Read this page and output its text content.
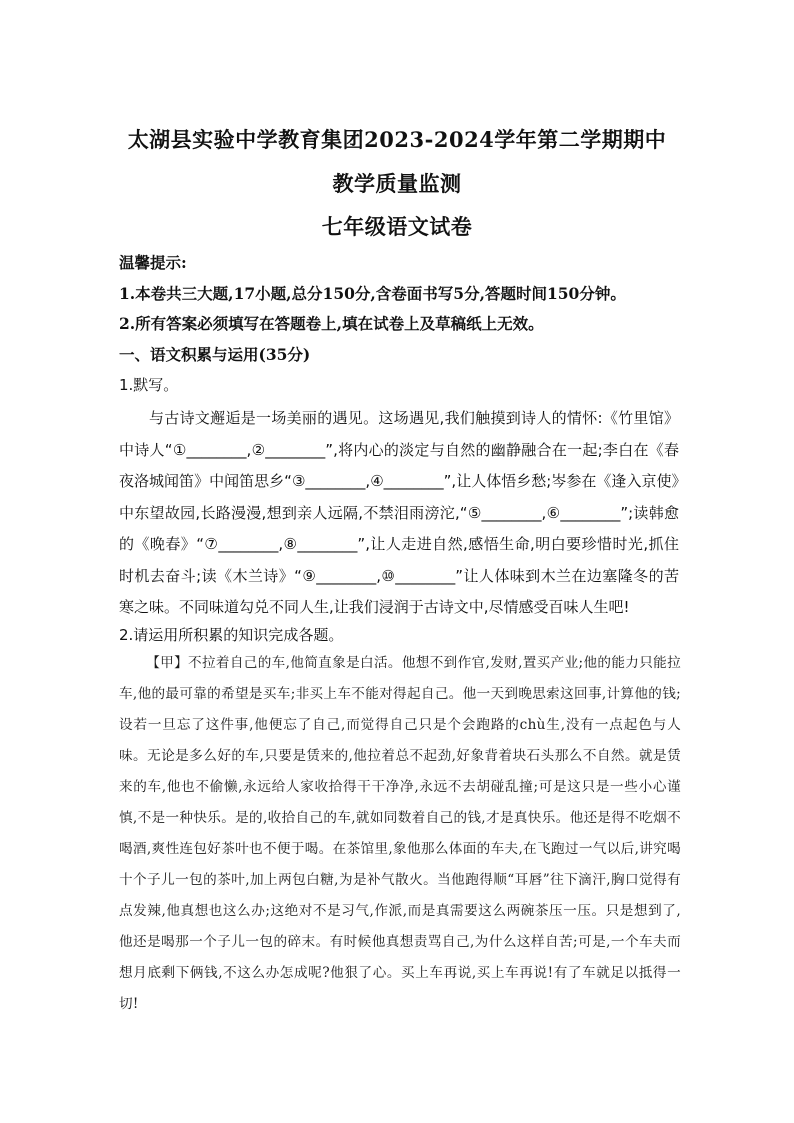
太湖县实验中学教育集团2023-2024学年第二学期期中
教学质量监测
七年级语文试卷
温馨提示:
1.本卷共三大题,17小题,总分150分,含卷面书写5分,答题时间150分钟。
2.所有答案必须填写在答题卷上,填在试卷上及草稿纸上无效。
一、语文积累与运用(35分)
1.默写。

与古诗文邂逅是一场美丽的遇见。这场遇见,我们触摸到诗人的情怀:《竹里馆》中诗人“①________,②________”,将内心的淡定与自然的幽静融合在一起;李白在《春夜洛城闻笛》中闻笛思乡“③________,④________”,让人体悟乡愁;岑参在《逢入京使》中东望故园,长路漫漫,想到亲人远隔,不禁泪雨滂沱,“⑤________,⑥________”;读韩愈的《晚春》“⑦________,⑧________”,让人走进自然,感悟生命,明白要珍惜时光,抓住时机去奋斗;读《木兰诗》“⑨________,⑩________”让人体味到木兰在边塞隆冬的苦寒之味。不同味道勾兑不同人生,让我们浸润于古诗文中,尽情感受百味人生吧!

2.请运用所积累的知识完成各题。

【甲】不拉着自己的车,他简直象是白活。他想不到作官,发财,置买产业;他的能力只能拉车,他的最可靠的希望是买车;非买上车不能对得起自己。他一天到晚思索这回事,计算他的钱;设若一旦忘了这件事,他便忘了自己,而觉得自己只是个会跑路的chù生,没有一点起色与人味。无论是多么好的车,只要是赁来的,他拉着总不起劲,好象背着块石头那么不自然。就是赁来的车,他也不偷懒,永远给人家收拾得干干净净,永远不去胡碰乱撞;可是这只是一些小心谨慎,不是一种快乐。是的,收拾自己的车,就如同数着自己的钱,才是真快乐。他还是得不吃烟不喝酒,爽性连包好茶叶也不便于喝。在茶馆里,象他那么体面的车夫,在飞跑过一气以后,讲究喝十个子儿一包的茶叶,加上两包白糖,为是补气散火。当他跑得顺“耳唇”往下滴汗,胸口觉得有点发辣,他真想也这么办;这绝对不是习气,作派,而是真需要这么两碗茶压一压。只是想到了,他还是喝那一个子儿一包的碎末。有时候他真想责骂自己,为什么这样自苦;可是,一个车夫而想月底剩下俩钱,不这么办怎成呢?他狠了心。买上车再说,买上车再说!有了车就足以抵得一切!
